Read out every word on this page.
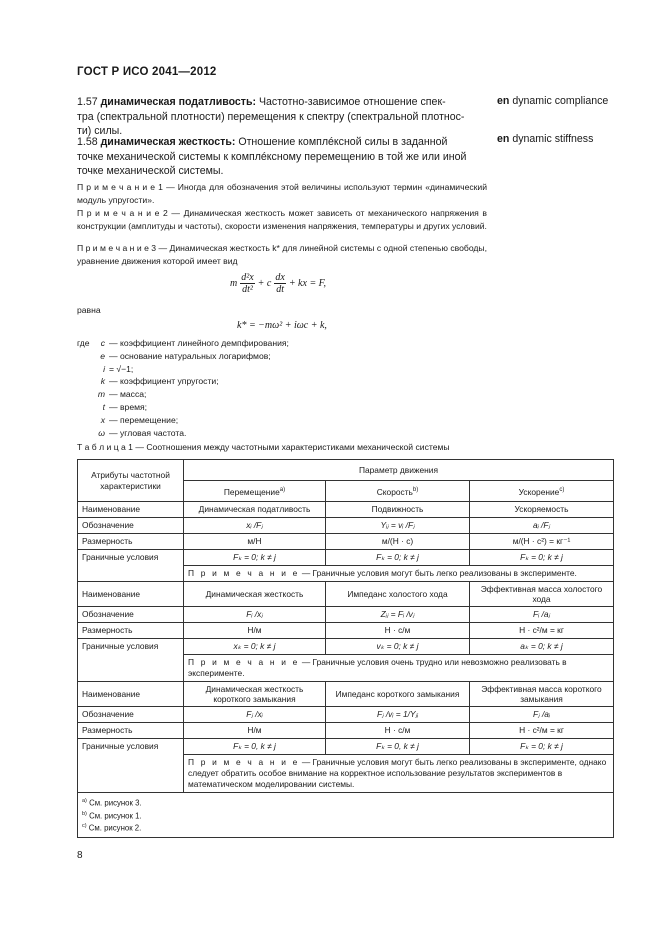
ГОСТ Р ИСО 2041—2012
1.57 динамическая податливость: Частотно-зависимое отношение спек-
тра (спектральной плотности) перемещения к спектру (спектральной плотнос-
ти) силы.
en dynamic compliance
1.58 динамическая жесткость: Отношение комплéксной силы в заданной
точке механической системы к комплéксному перемещению в той же или иной
точке механической системы.
en dynamic stiffness
П р и м е ч а н и е 1 — Иногда для обозначения этой величины используют термин «динамический модуль упругости».
П р и м е ч а н и е 2 — Динамическая жесткость может зависеть от механического напряжения в конструкции (амплитуды и частоты), скорости изменения напряжения, температуры и других условий.
П р и м е ч а н и е 3 — Динамическая жесткость k* для линейной системы с одной степенью свободы, уравнение движения которой имеет вид
m $\frac{\text{d²x}}{\text{dt²}} + c \frac{dx}{dt}$ + kx = F,
равна
k* = −mω² + iωc + k,
где	c — коэффициент линейного демпфирования;
e — основание натуральных логарифмов;
i = √−1;
k — коэффициент упругости;
m — масса;
t — время;
x — перемещение;
ω — угловая частота.
Т а б л и ц а 1 — Соотношения между частотными характеристиками механической системы
Атрибуты частотной характеристики	Параметр движения		
	Перемещение$^{a)}$	Скорость$^{b)}$	Ускорение$^{c)}$
Наименование	Динамическая податливость	Подвижность	Ускоряемость
Обозначение	xᵢ /Fⱼ	Yᵢⱼ = vᵢ /Fⱼ	aᵢ /Fⱼ
Размерность	м/Н	м/(Н · с)	м/(Н · с²) = кг⁻¹
Граничные условия	Fₖ = 0; k ≠ j	Fₖ = 0; k ≠ j	Fₖ = 0; k ≠ j
	П р и м е ч а н и е — Граничные условия могут быть легко реализованы в эксперименте.		
Наименование	Динамическая жесткость	Импеданс холостого хода	Эффективная масса холостого хода
Обозначение	Fᵢ /xⱼ	Zᵢⱼ = Fᵢ /vⱼ	Fᵢ /aⱼ
Размерность	Н/м	Н · с/м	Н · с²/м = кг
Граничные условия	xₖ = 0; k ≠ j	vₖ = 0; k ≠ j	aₖ = 0; k ≠ j
	П р и м е ч а н и е — Граничные условия очень трудно или невозможно реализовать в эксперименте.		
Наименование	Динамическая жесткость короткого замыкания	Импеданс короткого замыкания	Эффективная масса короткого замыкания
Обозначение	Fⱼ /xᵢ	Fⱼ /vᵢ = 1/Yⱼᵢ	Fⱼ /aᵢ
Размерность	Н/м	Н · с/м	Н · с²/м = кг
Граничные условия	Fₖ = 0, k ≠ j	Fₖ = 0, k ≠ j	Fₖ = 0; k ≠ j
	П р и м е ч а н и е — Граничные условия могут быть легко реализованы в эксперименте, однако следует обратить особое внимание на корректное использование результатов экспериментов в математическом моделировании системы.		

$^{a)}$ См. рисунок 3.
$^{b)}$ См. рисунок 1.
$^{c)}$ См. рисунок 2.			
8
